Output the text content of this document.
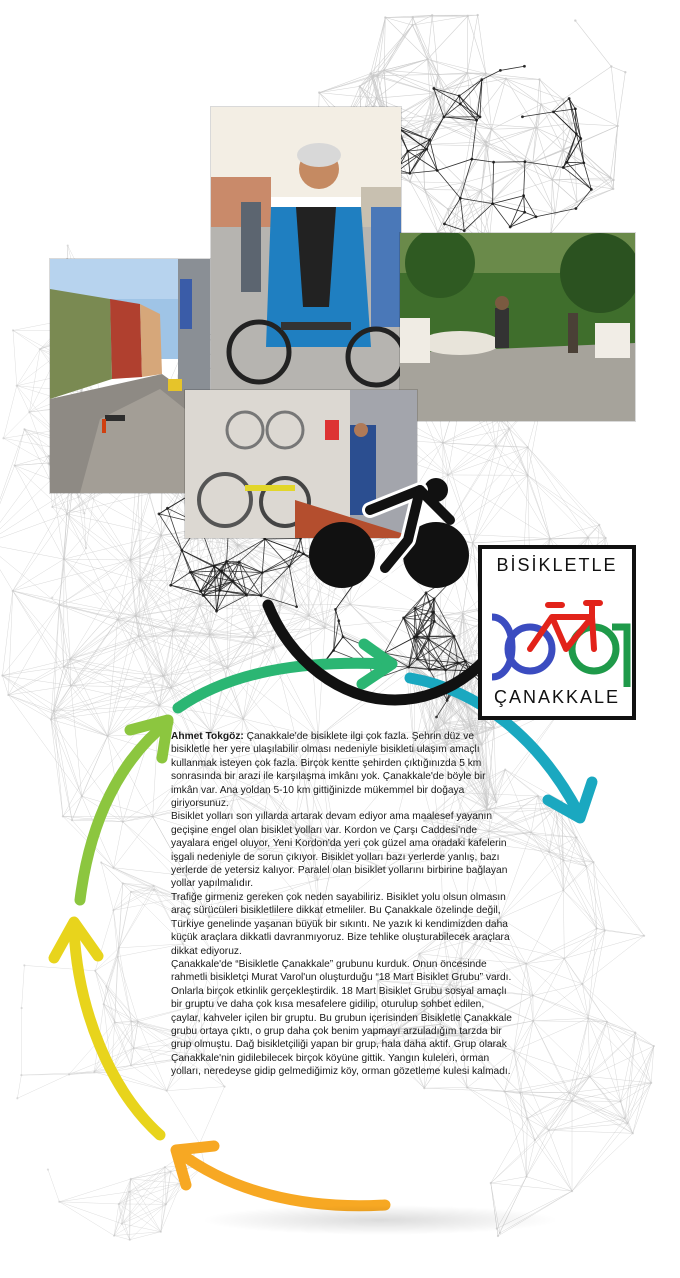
BİSİKLETLE
ÇANAKKALE

Ahmet Tokgöz: Çanakkale'de bisiklete ilgi çok fazla. Şehrin düz ve bisikletle her yere ulaşılabilir olması nedeniyle bisikleti ulaşım amaçlı kullanmak isteyen çok fazla. Birçok kentte şehirden çıktığınızda 5 km sonrasında bir arazi ile karşılaşma imkânı yok. Çanakkale'de böyle bir imkân var. Ana yoldan 5-10 km gittiğinizde mükemmel bir doğaya giriyorsunuz.

Bisiklet yolları son yıllarda artarak devam ediyor ama maalesef yayanın geçişine engel olan bisiklet yolları var. Kordon ve Çarşı Caddesi'nde yayalara engel oluyor, Yeni Kordon'da yeri çok güzel ama oradaki kafelerin işgali nedeniyle de sorun çıkıyor. Bisiklet yolları bazı yerlerde yanlış, bazı yerlerde de yetersiz kalıyor. Paralel olan bisiklet yollarını birbirine bağlayan yollar yapılmalıdır.

Trafiğe girmeniz gereken çok neden sayabiliriz. Bisiklet yolu olsun olmasın araç sürücüleri bisikletlilere dikkat etmeliler. Bu Çanakkale özelinde değil, Türkiye genelinde yaşanan büyük bir sıkıntı. Ne yazık ki kendimizden daha küçük araçlara dikkatli davranmıyoruz. Bize tehlike oluşturabilecek araçlara dikkat ediyoruz.

Çanakkale'de “Bisikletle Çanakkale” grubunu kurduk. Onun öncesinde rahmetli bisikletçi Murat Varol'un oluşturduğu “18 Mart Bisiklet Grubu” vardı. Onlarla birçok etkinlik gerçekleştirdik. 18 Mart Bisiklet Grubu sosyal amaçlı bir gruptu ve daha çok kısa mesafelere gidilip, oturulup sohbet edilen, çaylar, kahveler içilen bir gruptu. Bu grubun içerisinden Bisikletle Çanakkale grubu ortaya çıktı, o grup daha çok benim yapmayı arzuladığım tarzda bir grup olmuştu. Dağ bisikletçiliği yapan bir grup, hala daha aktif. Grup olarak Çanakkale'nin gidilebilecek birçok köyüne gittik. Yangın kuleleri, orman yolları, neredeyse gidip gelmediğimiz köy, orman gözetleme kulesi kalmadı.
